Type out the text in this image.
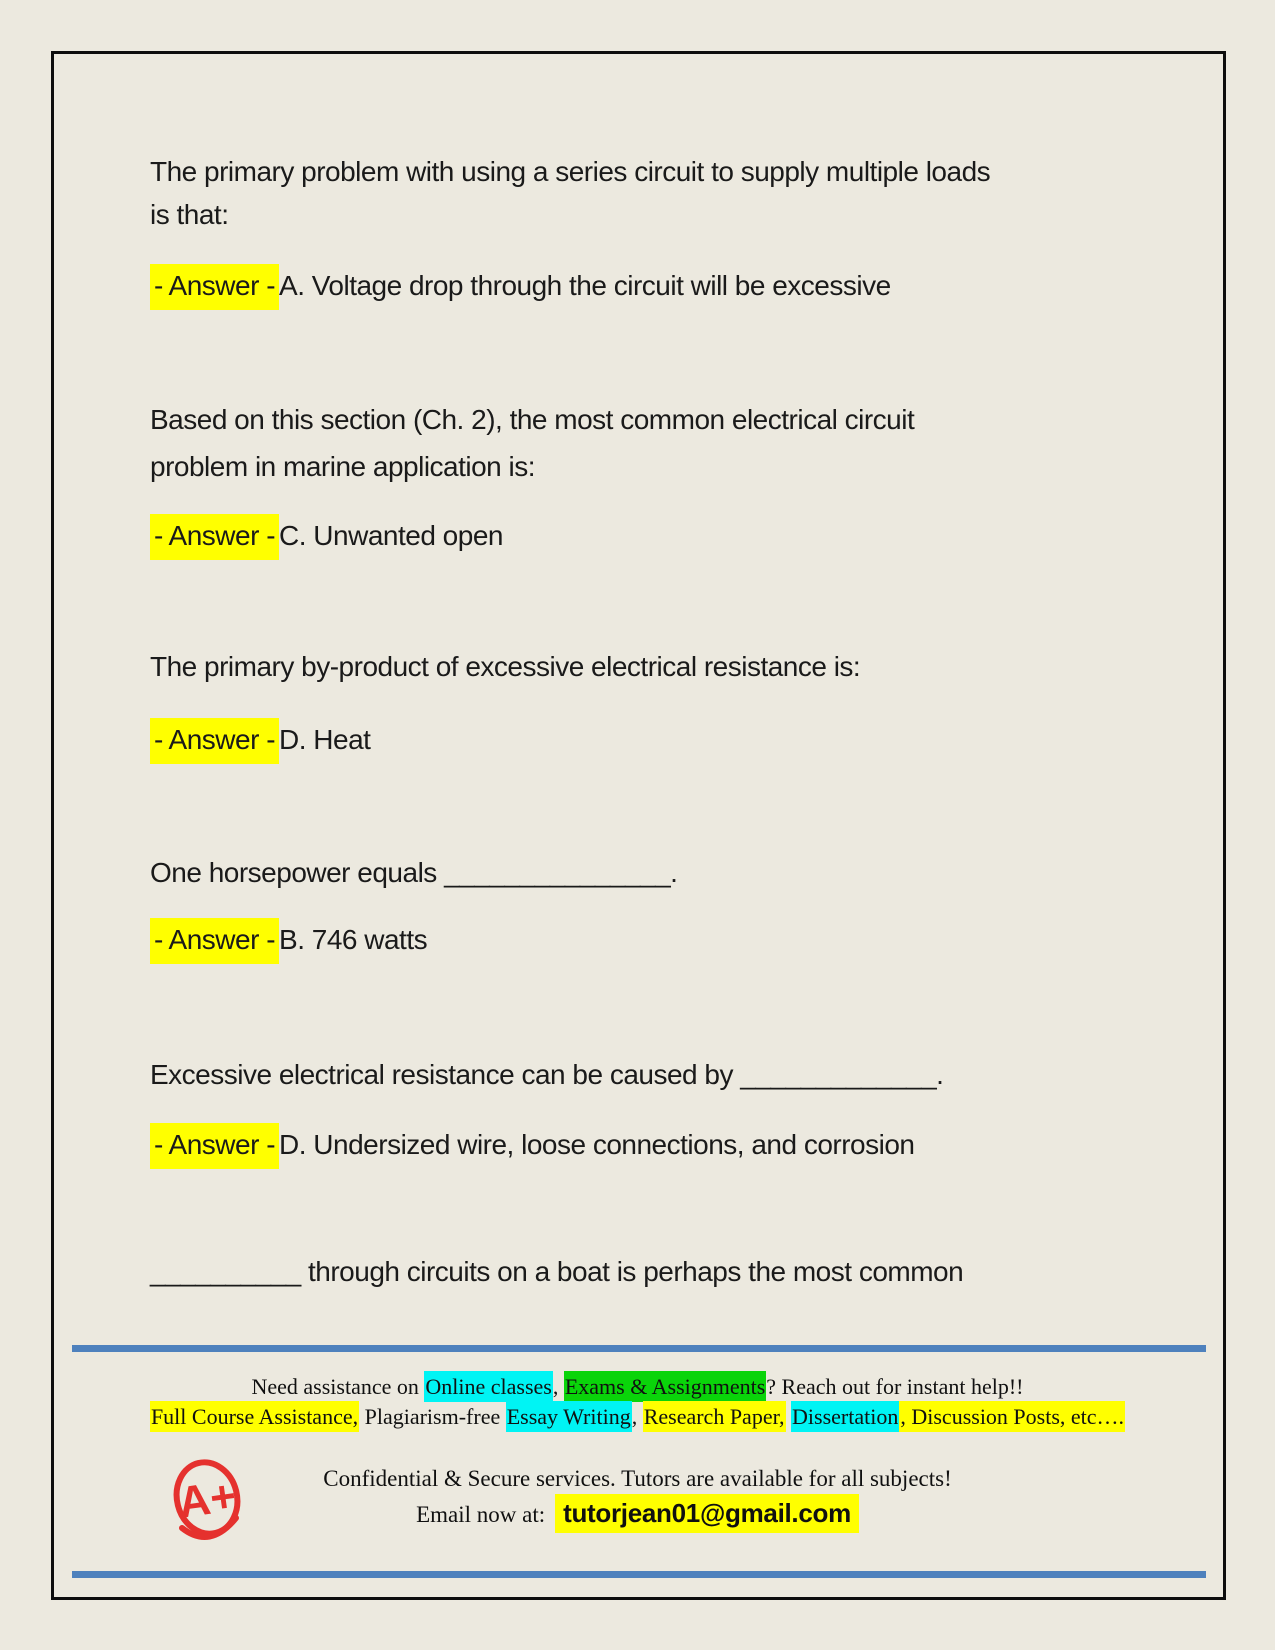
The primary problem with using a series circuit to supply multiple loads
is that:
- Answer - A. Voltage drop through the circuit will be excessive
Based on this section (Ch. 2), the most common electrical circuit
problem in marine application is:
- Answer - C. Unwanted open
The primary by-product of excessive electrical resistance is:
- Answer - D. Heat
One horsepower equals _______________.
- Answer - B. 746 watts
Excessive electrical resistance can be caused by _____________.
- Answer - D. Undersized wire, loose connections, and corrosion
__________ through circuits on a boat is perhaps the most common
Need assistance on Online classes, Exams & Assignments? Reach out for instant help!!
Full Course Assistance, Plagiarism-free Essay Writing, Research Paper, Dissertation, Discussion Posts, etc….
Confidential & Secure services. Tutors are available for all subjects!
Email now at: tutorjean01@gmail.com
A+
